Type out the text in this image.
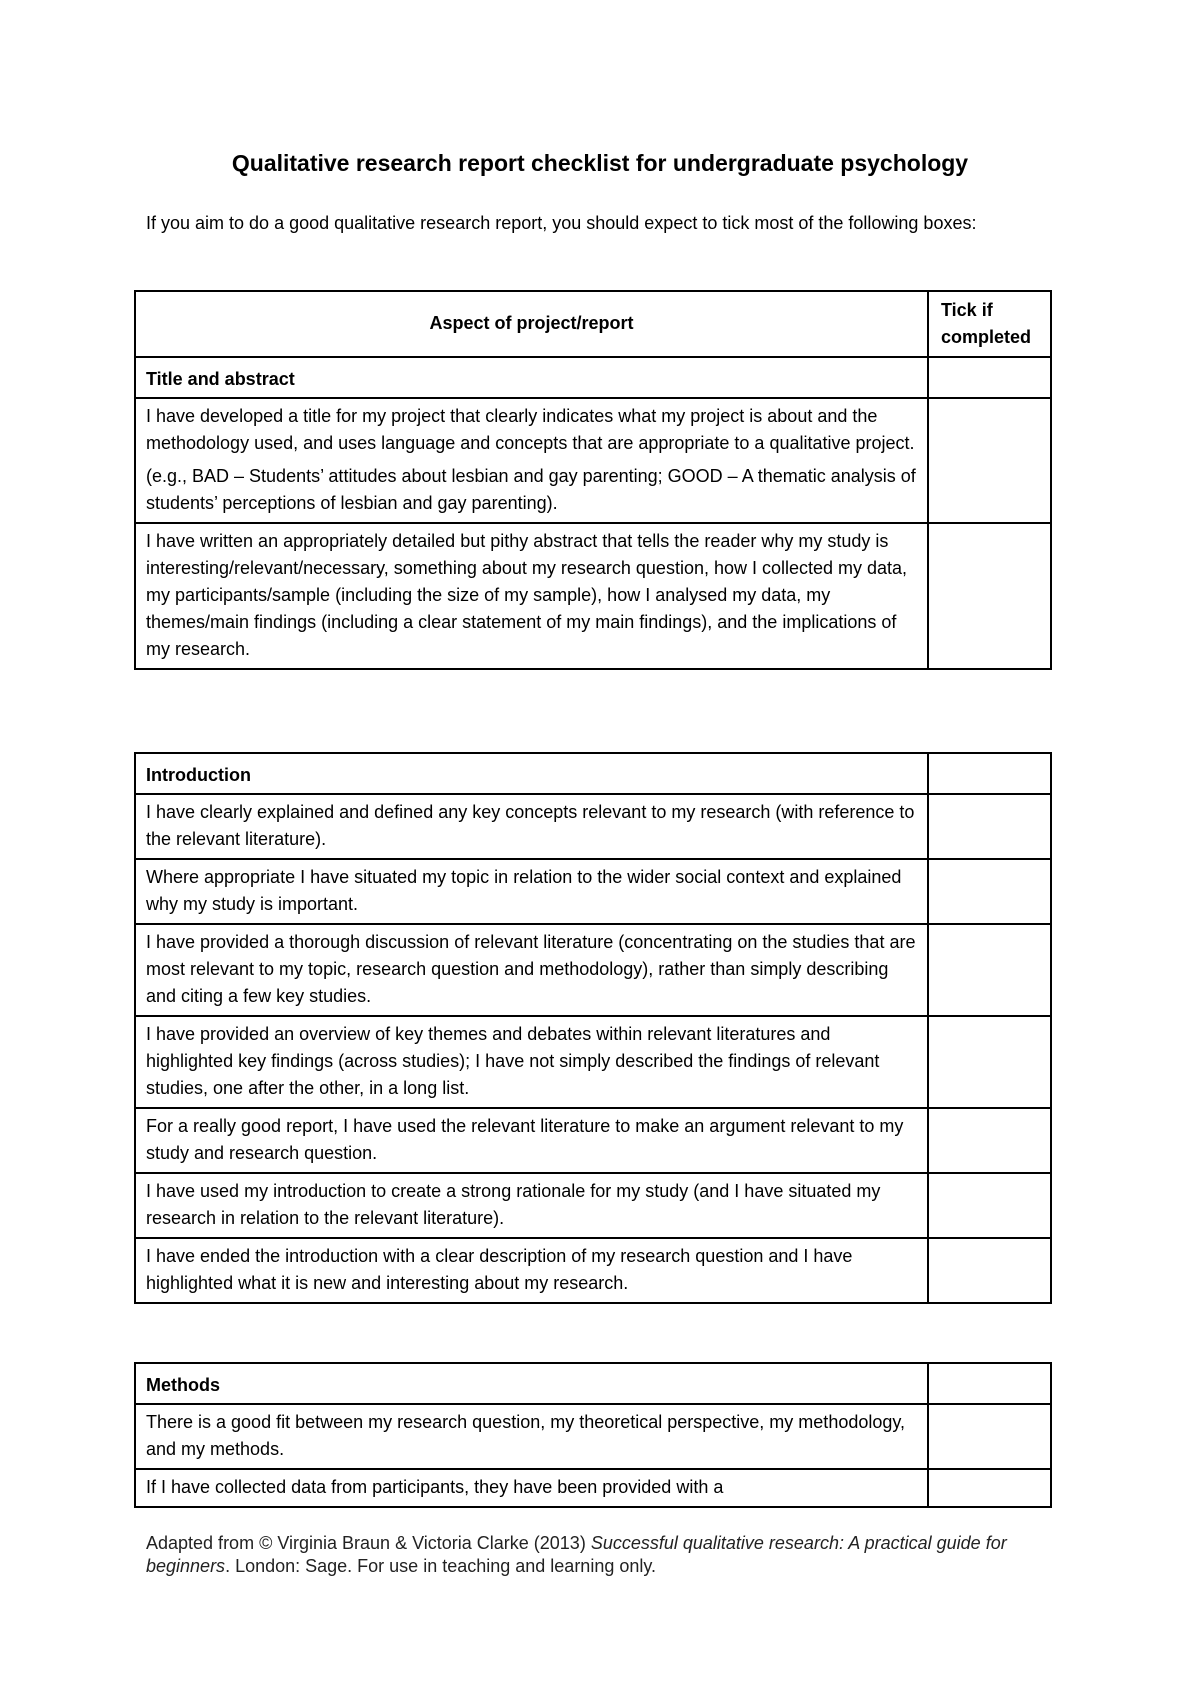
Qualitative research report checklist for undergraduate psychology

If you aim to do a good qualitative research report, you should expect to tick most of the following boxes:

Aspect of project/report	Tick if completed
Title and abstract	

I have developed a title for my project that clearly indicates what my project is about and the methodology used, and uses language and concepts that are appropriate to a qualitative project.

(e.g., BAD – Students’ attitudes about lesbian and gay parenting; GOOD – A thematic analysis of students’ perceptions of lesbian and gay parenting).	

I have written an appropriately detailed but pithy abstract that tells the reader why my study is interesting/relevant/necessary, something about my research question, how I collected my data, my participants/sample (including the size of my sample), how I analysed my data, my themes/main findings (including a clear statement of my main findings), and the implications of my research.	
Introduction	
I have clearly explained and defined any key concepts relevant to my research (with reference to the relevant literature).	
Where appropriate I have situated my topic in relation to the wider social context and explained why my study is important.	
I have provided a thorough discussion of relevant literature (concentrating on the studies that are most relevant to my topic, research question and methodology), rather than simply describing and citing a few key studies.	
I have provided an overview of key themes and debates within relevant literatures and highlighted key findings (across studies); I have not simply described the findings of relevant studies, one after the other, in a long list.	
For a really good report, I have used the relevant literature to make an argument relevant to my study and research question.	
I have used my introduction to create a strong rationale for my study (and I have situated my research in relation to the relevant literature).	
I have ended the introduction with a clear description of my research question and I have highlighted what it is new and interesting about my research.	
Methods	
There is a good fit between my research question, my theoretical perspective, my methodology, and my methods.	
If I have collected data from participants, they have been provided with a	

Adapted from © Virginia Braun & Victoria Clarke (2013) Successful qualitative research: A practical guide for beginners. London: Sage. For use in teaching and learning only.
